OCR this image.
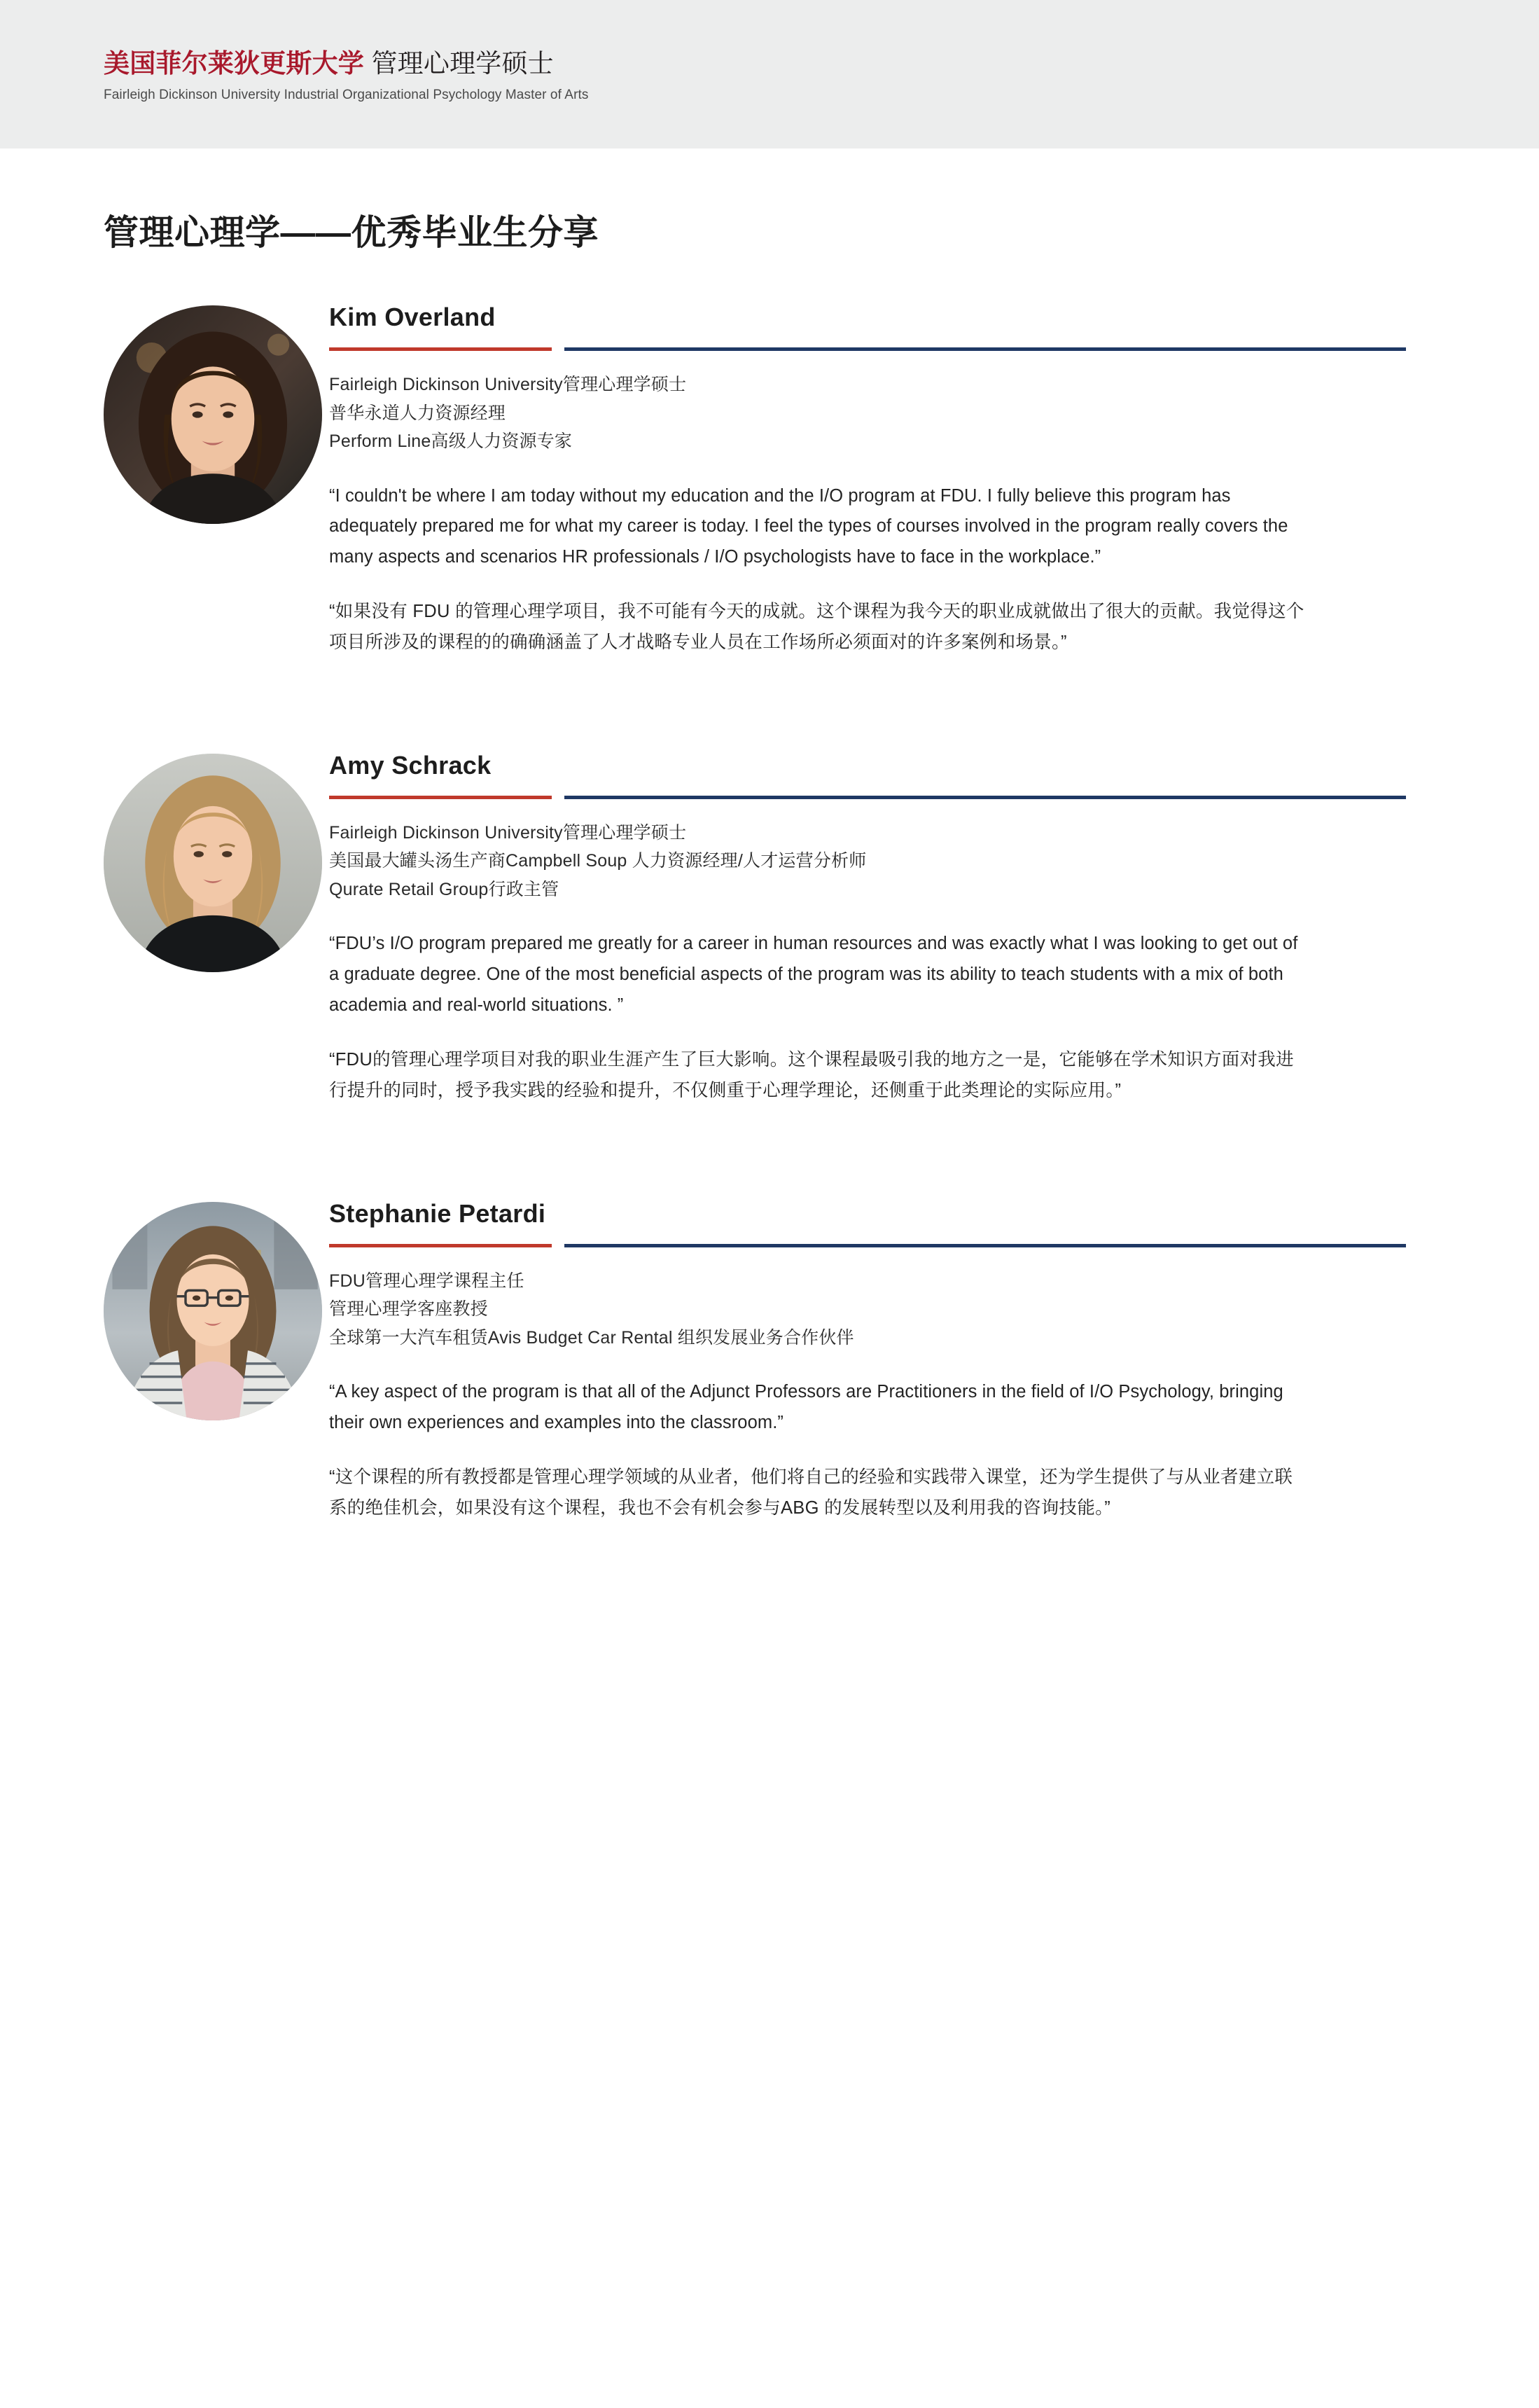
美国菲尔莱狄更斯大学 管理心理学硕士
Fairleigh Dickinson University Industrial Organizational Psychology Master of Arts
管理心理学——优秀毕业生分享
Kim Overland
Fairleigh Dickinson University管理心理学硕士
普华永道人力资源经理
Perform Line高级人力资源专家

“I couldn't be where I am today without my education and the I/O program at FDU. I fully believe this program has adequately prepared me for what my career is today. I feel the types of courses involved in the program really covers the many aspects and scenarios HR professionals / I/O psychologists have to face in the workplace.”

“如果没有 FDU 的管理心理学项目，我不可能有今天的成就。这个课程为我今天的职业成就做出了很大的贡献。我觉得这个项目所涉及的课程的的确确涵盖了人才战略专业人员在工作场所必须面对的许多案例和场景。”

Amy Schrack
Fairleigh Dickinson University管理心理学硕士
美国最大罐头汤生产商Campbell Soup 人力资源经理/人才运营分析师
Qurate Retail Group行政主管

“FDU’s I/O program prepared me greatly for a career in human resources and was exactly what I was looking to get out of a graduate degree. One of the most beneficial aspects of the program was its ability to teach students with a mix of both academia and real-world situations. ”

“FDU的管理心理学项目对我的职业生涯产生了巨大影响。这个课程最吸引我的地方之一是，它能够在学术知识方面对我进行提升的同时，授予我实践的经验和提升，不仅侧重于心理学理论，还侧重于此类理论的实际应用。”

Stephanie Petardi
FDU管理心理学课程主任
管理心理学客座教授
全球第一大汽车租赁Avis Budget Car Rental 组织发展业务合作伙伴

“A key aspect of the program is that all of the Adjunct Professors are Practitioners in the field of I/O Psychology, bringing their own experiences and examples into the classroom.”

“这个课程的所有教授都是管理心理学领域的从业者，他们将自己的经验和实践带入课堂，还为学生提供了与从业者建立联系的绝佳机会，如果没有这个课程，我也不会有机会参与ABG 的发展转型以及利用我的咨询技能。”
